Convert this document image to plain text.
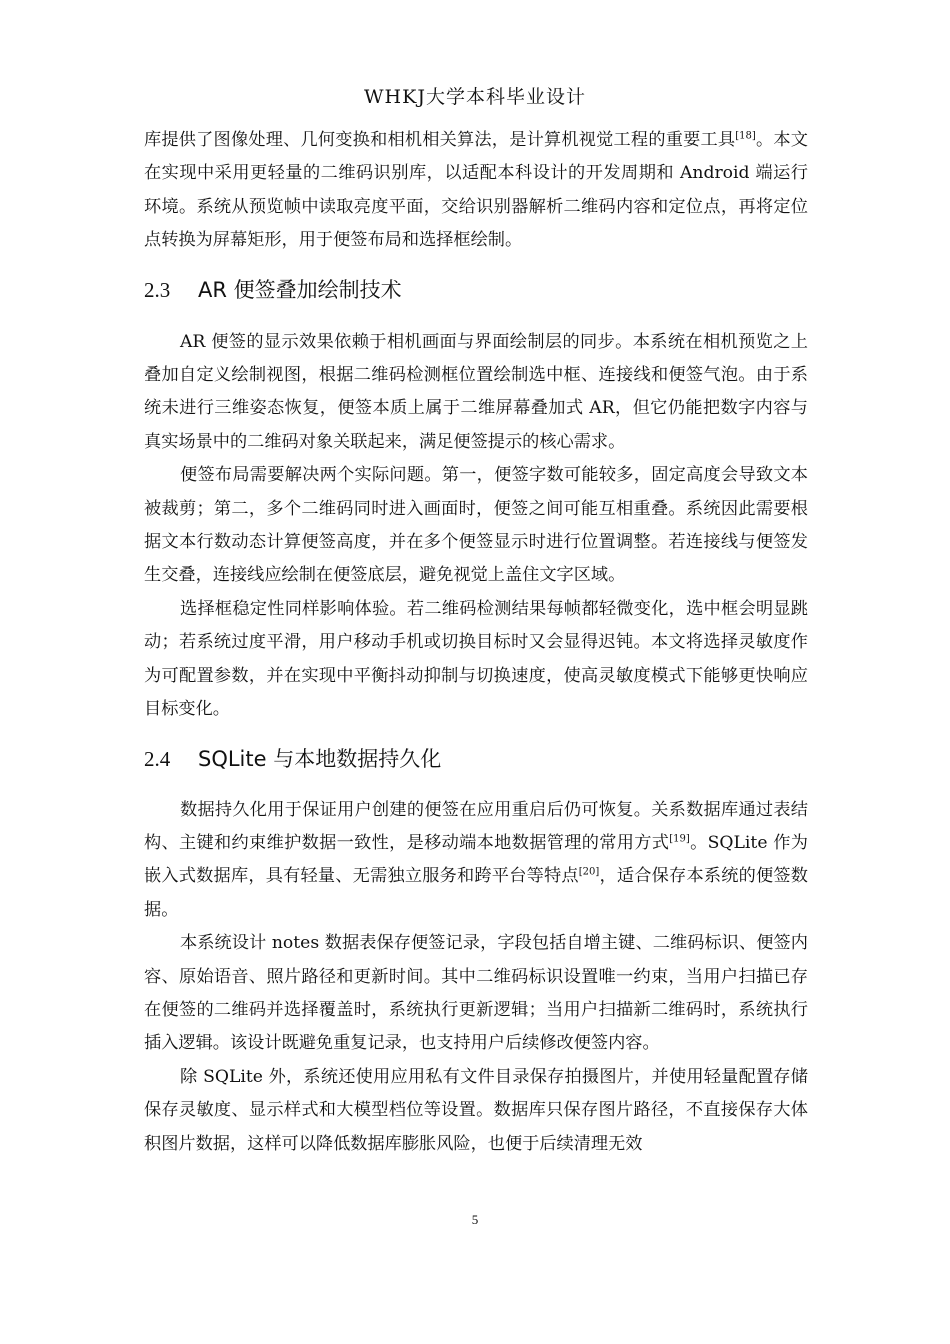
WHKJ大学本科毕业设计

库提供了图像处理、几何变换和相机相关算法，是计算机视觉工程的重要工具[18]。本文在实现中采用更轻量的二维码识别库，以适配本科设计的开发周期和 Android 端运行环境。系统从预览帧中读取亮度平面，交给识别器解析二维码内容和定位点，再将定位点转换为屏幕矩形，用于便签布局和选择框绘制。

2.3 AR 便签叠加绘制技术

AR 便签的显示效果依赖于相机画面与界面绘制层的同步。本系统在相机预览之上叠加自定义绘制视图，根据二维码检测框位置绘制选中框、连接线和便签气泡。由于系统未进行三维姿态恢复，便签本质上属于二维屏幕叠加式 AR，但它仍能把数字内容与真实场景中的二维码对象关联起来，满足便签提示的核心需求。

便签布局需要解决两个实际问题。第一，便签字数可能较多，固定高度会导致文本被裁剪；第二，多个二维码同时进入画面时，便签之间可能互相重叠。系统因此需要根据文本行数动态计算便签高度，并在多个便签显示时进行位置调整。若连接线与便签发生交叠，连接线应绘制在便签底层，避免视觉上盖住文字区域。

选择框稳定性同样影响体验。若二维码检测结果每帧都轻微变化，选中框会明显跳动；若系统过度平滑，用户移动手机或切换目标时又会显得迟钝。本文将选择灵敏度作为可配置参数，并在实现中平衡抖动抑制与切换速度，使高灵敏度模式下能够更快响应目标变化。

2.4 SQLite 与本地数据持久化

数据持久化用于保证用户创建的便签在应用重启后仍可恢复。关系数据库通过表结构、主键和约束维护数据一致性，是移动端本地数据管理的常用方式[19]。SQLite 作为嵌入式数据库，具有轻量、无需独立服务和跨平台等特点[20]，适合保存本系统的便签数据。

本系统设计 notes 数据表保存便签记录，字段包括自增主键、二维码标识、便签内容、原始语音、照片路径和更新时间。其中二维码标识设置唯一约束，当用户扫描已存在便签的二维码并选择覆盖时，系统执行更新逻辑；当用户扫描新二维码时，系统执行插入逻辑。该设计既避免重复记录，也支持用户后续修改便签内容。

除 SQLite 外，系统还使用应用私有文件目录保存拍摄图片，并使用轻量配置存储保存灵敏度、显示样式和大模型档位等设置。数据库只保存图片路径，不直接保存大体积图片数据，这样可以降低数据库膨胀风险，也便于后续清理无效

5
